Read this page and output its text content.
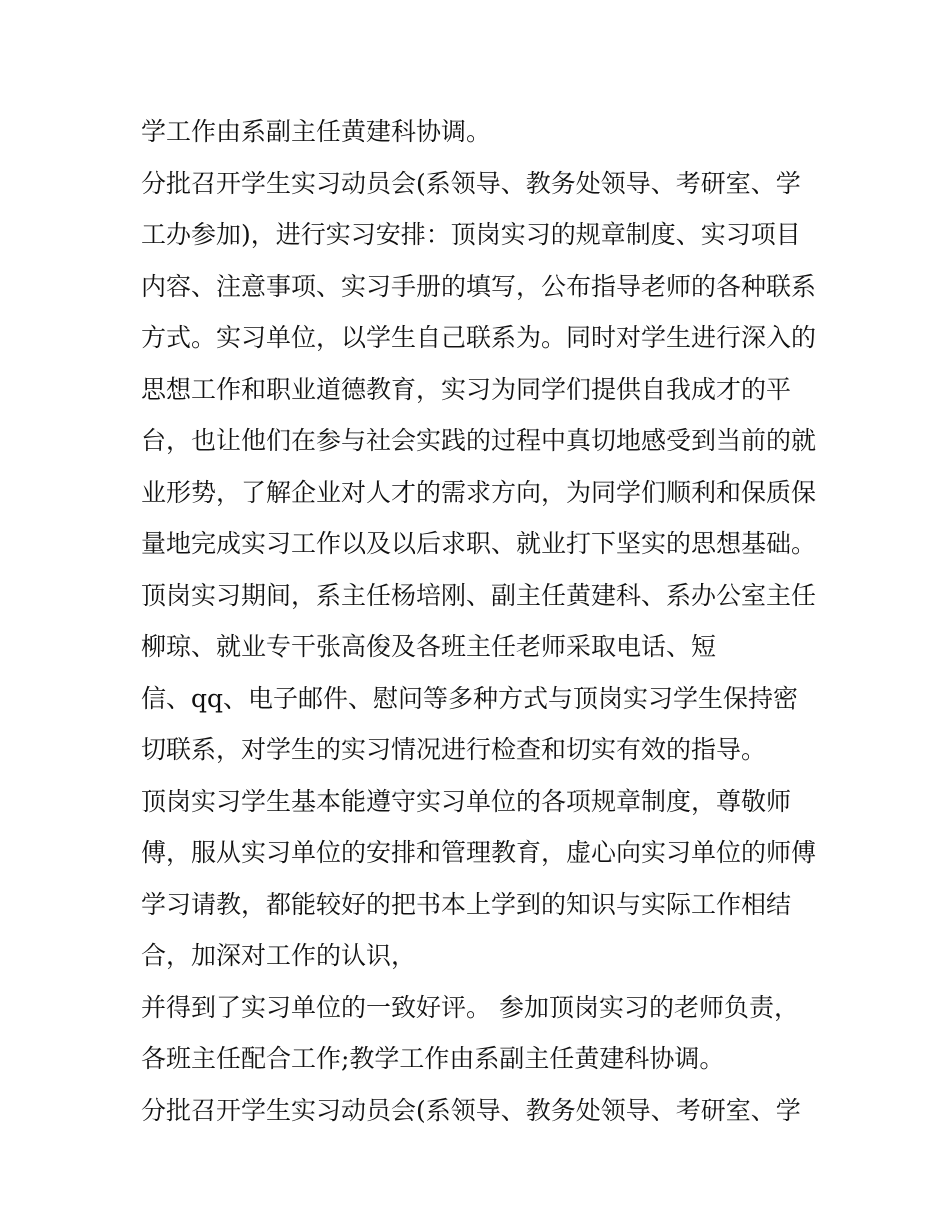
学工作由系副主任黄建科协调。
分批召开学生实习动员会(系领导、教务处领导、考研室、学
工办参加)，进行实习安排：顶岗实习的规章制度、实习项目
内容、注意事项、实习手册的填写，公布指导老师的各种联系
方式。实习单位，以学生自己联系为。同时对学生进行深入的
思想工作和职业道德教育，实习为同学们提供自我成才的平
台，也让他们在参与社会实践的过程中真切地感受到当前的就
业形势，了解企业对人才的需求方向，为同学们顺利和保质保
量地完成实习工作以及以后求职、就业打下坚实的思想基础。
顶岗实习期间，系主任杨培刚、副主任黄建科、系办公室主任
柳琼、就业专干张高俊及各班主任老师采取电话、短
信、qq、电子邮件、慰问等多种方式与顶岗实习学生保持密
切联系，对学生的实习情况进行检查和切实有效的指导。
顶岗实习学生基本能遵守实习单位的各项规章制度，尊敬师
傅，服从实习单位的安排和管理教育，虚心向实习单位的师傅
学习请教，都能较好的把书本上学到的知识与实际工作相结
合，加深对工作的认识，
并得到了实习单位的一致好评。 参加顶岗实习的老师负责，
各班主任配合工作;教学工作由系副主任黄建科协调。
分批召开学生实习动员会(系领导、教务处领导、考研室、学
